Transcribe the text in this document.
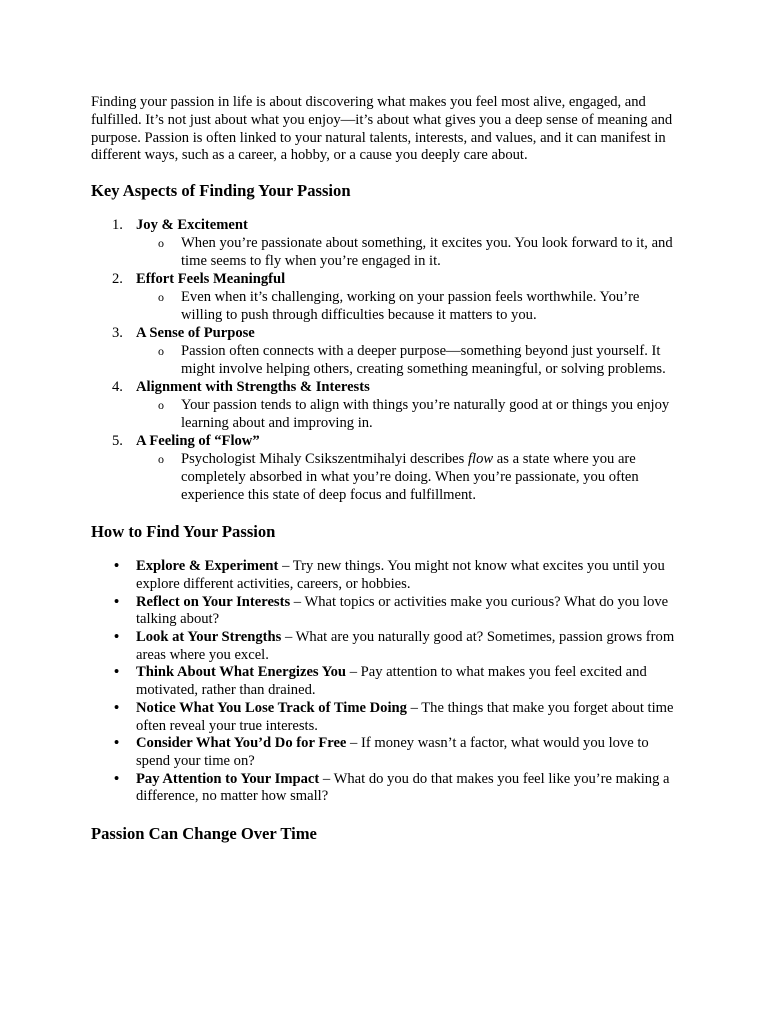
Finding your passion in life is about discovering what makes you feel most alive, engaged, and fulfilled. It’s not just about what you enjoy—it’s about what gives you a deep sense of meaning and purpose. Passion is often linked to your natural talents, interests, and values, and it can manifest in different ways, such as a career, a hobby, or a cause you deeply care about.

Key Aspects of Finding Your Passion
1. Joy & Excitement
o When you’re passionate about something, it excites you. You look forward to it, and time seems to fly when you’re engaged in it.
2. Effort Feels Meaningful
o Even when it’s challenging, working on your passion feels worthwhile. You’re willing to push through difficulties because it matters to you.
3. A Sense of Purpose
o Passion often connects with a deeper purpose—something beyond just yourself. It might involve helping others, creating something meaningful, or solving problems.
4. Alignment with Strengths & Interests
o Your passion tends to align with things you’re naturally good at or things you enjoy learning about and improving in.
5. A Feeling of “Flow”
o Psychologist Mihaly Csikszentmihalyi describes flow as a state where you are completely absorbed in what you’re doing. When you’re passionate, you often experience this state of deep focus and fulfillment.
How to Find Your Passion
• Explore & Experiment – Try new things. You might not know what excites you until you explore different activities, careers, or hobbies.
• Reflect on Your Interests – What topics or activities make you curious? What do you love talking about?
• Look at Your Strengths – What are you naturally good at? Sometimes, passion grows from areas where you excel.
• Think About What Energizes You – Pay attention to what makes you feel excited and motivated, rather than drained.
• Notice What You Lose Track of Time Doing – The things that make you forget about time often reveal your true interests.
• Consider What You’d Do for Free – If money wasn’t a factor, what would you love to spend your time on?
• Pay Attention to Your Impact – What do you do that makes you feel like you’re making a difference, no matter how small?
Passion Can Change Over Time
